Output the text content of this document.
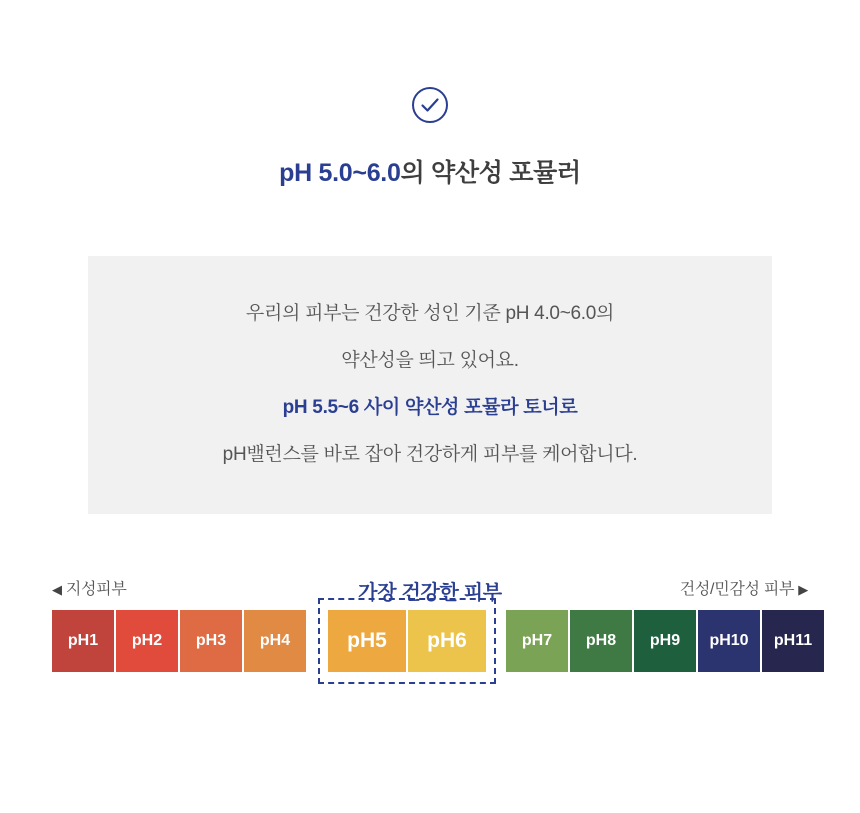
pH 5.0~6.0의 약산성 포뮬러
우리의 피부는 건강한 성인 기준 pH 4.0~6.0의
약산성을 띄고 있어요.
pH 5.5~6 사이 약산성 포뮬라 토너로
pH밸런스를 바로 잡아 건강하게 피부를 케어합니다.
가장 건강한 피부
◀ 지성피부	건성/민감성 피부 ▶
pH1	pH2	pH3	pH4	pH5	pH6	pH7	pH8	pH9	pH10	pH11
